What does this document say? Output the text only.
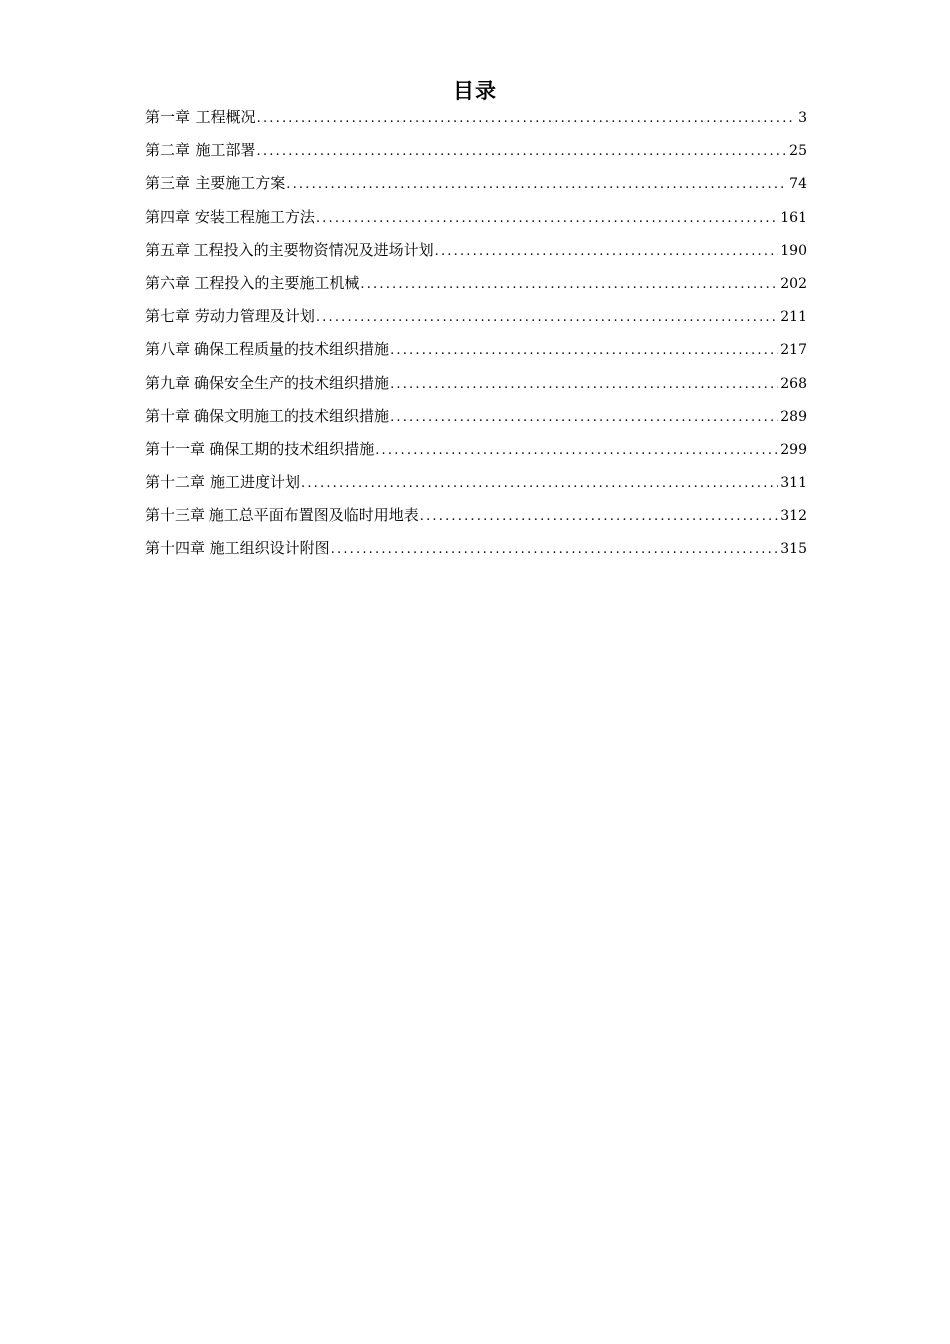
目录
第一章 工程概况 .....	3
第二章 施工部署 .....	25
第三章 主要施工方案 .....	74
第四章 安装工程施工方法 .....	161
第五章 工程投入的主要物资情况及进场计划 .....	190
第六章 工程投入的主要施工机械 .....	202
第七章 劳动力管理及计划 .....	211
第八章 确保工程质量的技术组织措施 .....	217
第九章 确保安全生产的技术组织措施 .....	268
第十章 确保文明施工的技术组织措施 .....	289
第十一章 确保工期的技术组织措施 .....	299
第十二章 施工进度计划 .....	311
第十三章 施工总平面布置图及临时用地表 .....	312
第十四章 施工组织设计附图 .....	315
